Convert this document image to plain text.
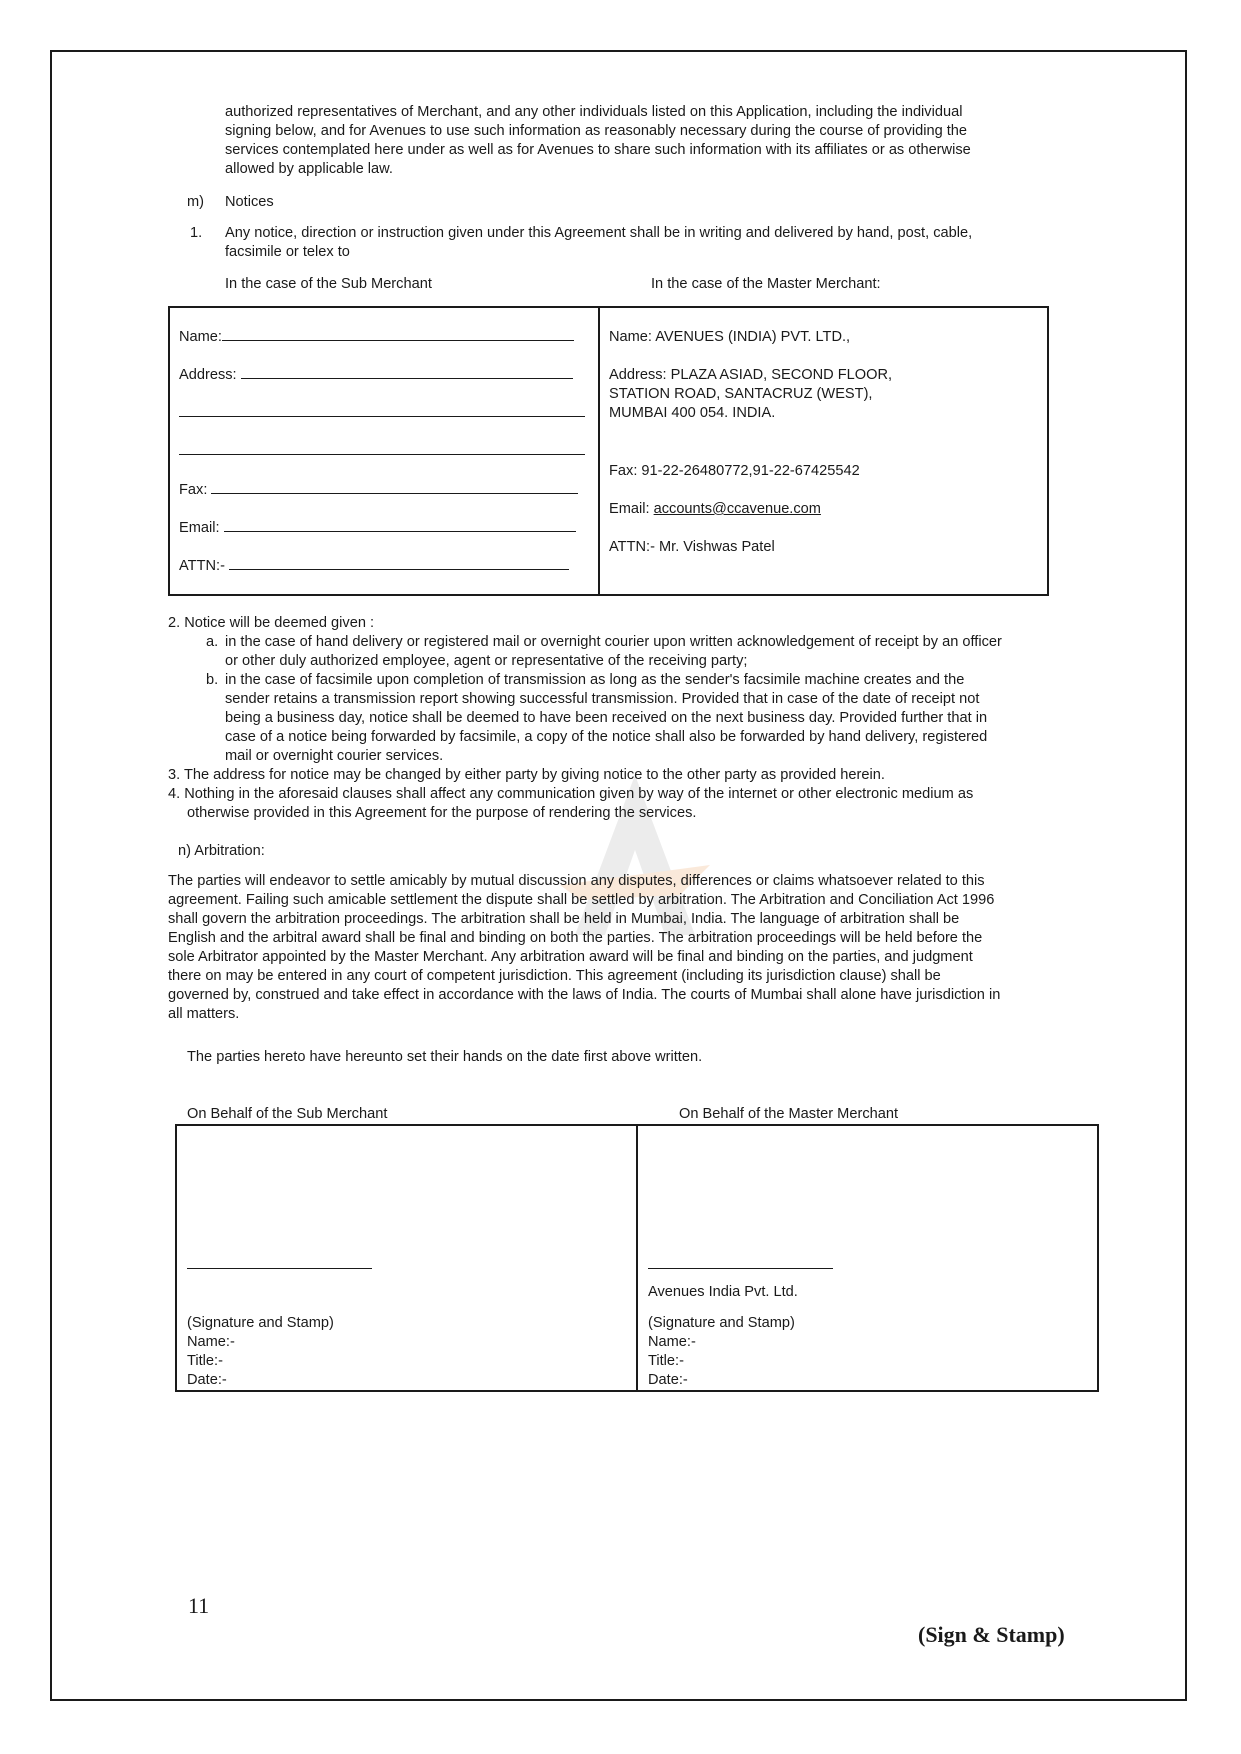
authorized representatives of Merchant, and any other individuals listed on this Application, including the individual
signing below, and for Avenues to use such information as reasonably necessary during the course of providing the
services contemplated here under as well as for Avenues to share such information with its affiliates or as otherwise
allowed by applicable law.
m) Notices
1. Any notice, direction or instruction given under this Agreement shall be in writing and delivered by hand, post, cable,
facsimile or telex to
In the case of the Sub Merchant	In the case of the Master Merchant:
Name:
Address:
Fax:
Email:
ATTN:-
Name: AVENUES (INDIA) PVT. LTD.,
Address: PLAZA ASIAD, SECOND FLOOR,
STATION ROAD, SANTACRUZ (WEST),
MUMBAI 400 054. INDIA.
Fax: 91-22-26480772,91-22-67425542
Email: accounts@ccavenue.com
ATTN:- Mr. Vishwas Patel
2. Notice will be deemed given :
a. in the case of hand delivery or registered mail or overnight courier upon written acknowledgement of receipt by an officer
or other duly authorized employee, agent or representative of the receiving party;
b. in the case of facsimile upon completion of transmission as long as the sender's facsimile machine creates and the
sender retains a transmission report showing successful transmission. Provided that in case of the date of receipt not
being a business day, notice shall be deemed to have been received on the next business day. Provided further that in
case of a notice being forwarded by facsimile, a copy of the notice shall also be forwarded by hand delivery, registered
mail or overnight courier services.
3. The address for notice may be changed by either party by giving notice to the other party as provided herein.
4. Nothing in the aforesaid clauses shall affect any communication given by way of the internet or other electronic medium as
otherwise provided in this Agreement for the purpose of rendering the services.
n) Arbitration:
The parties will endeavor to settle amicably by mutual discussion any disputes, differences or claims whatsoever related to this
agreement. Failing such amicable settlement the dispute shall be settled by arbitration. The Arbitration and Conciliation Act 1996
shall govern the arbitration proceedings. The arbitration shall be held in Mumbai, India. The language of arbitration shall be
English and the arbitral award shall be final and binding on both the parties. The arbitration proceedings will be held before the
sole Arbitrator appointed by the Master Merchant. Any arbitration award will be final and binding on the parties, and judgment
there on may be entered in any court of competent jurisdiction. This agreement (including its jurisdiction clause) shall be
governed by, construed and take effect in accordance with the laws of India. The courts of Mumbai shall alone have jurisdiction in
all matters.
The parties hereto have hereunto set their hands on the date first above written.
On Behalf of the Sub Merchant	On Behalf of the Master Merchant
(Signature and Stamp)
Name:-
Title:-
Date:-
Avenues India Pvt. Ltd.
(Signature and Stamp)
Name:-
Title:-
Date:-
11
(Sign & Stamp)
